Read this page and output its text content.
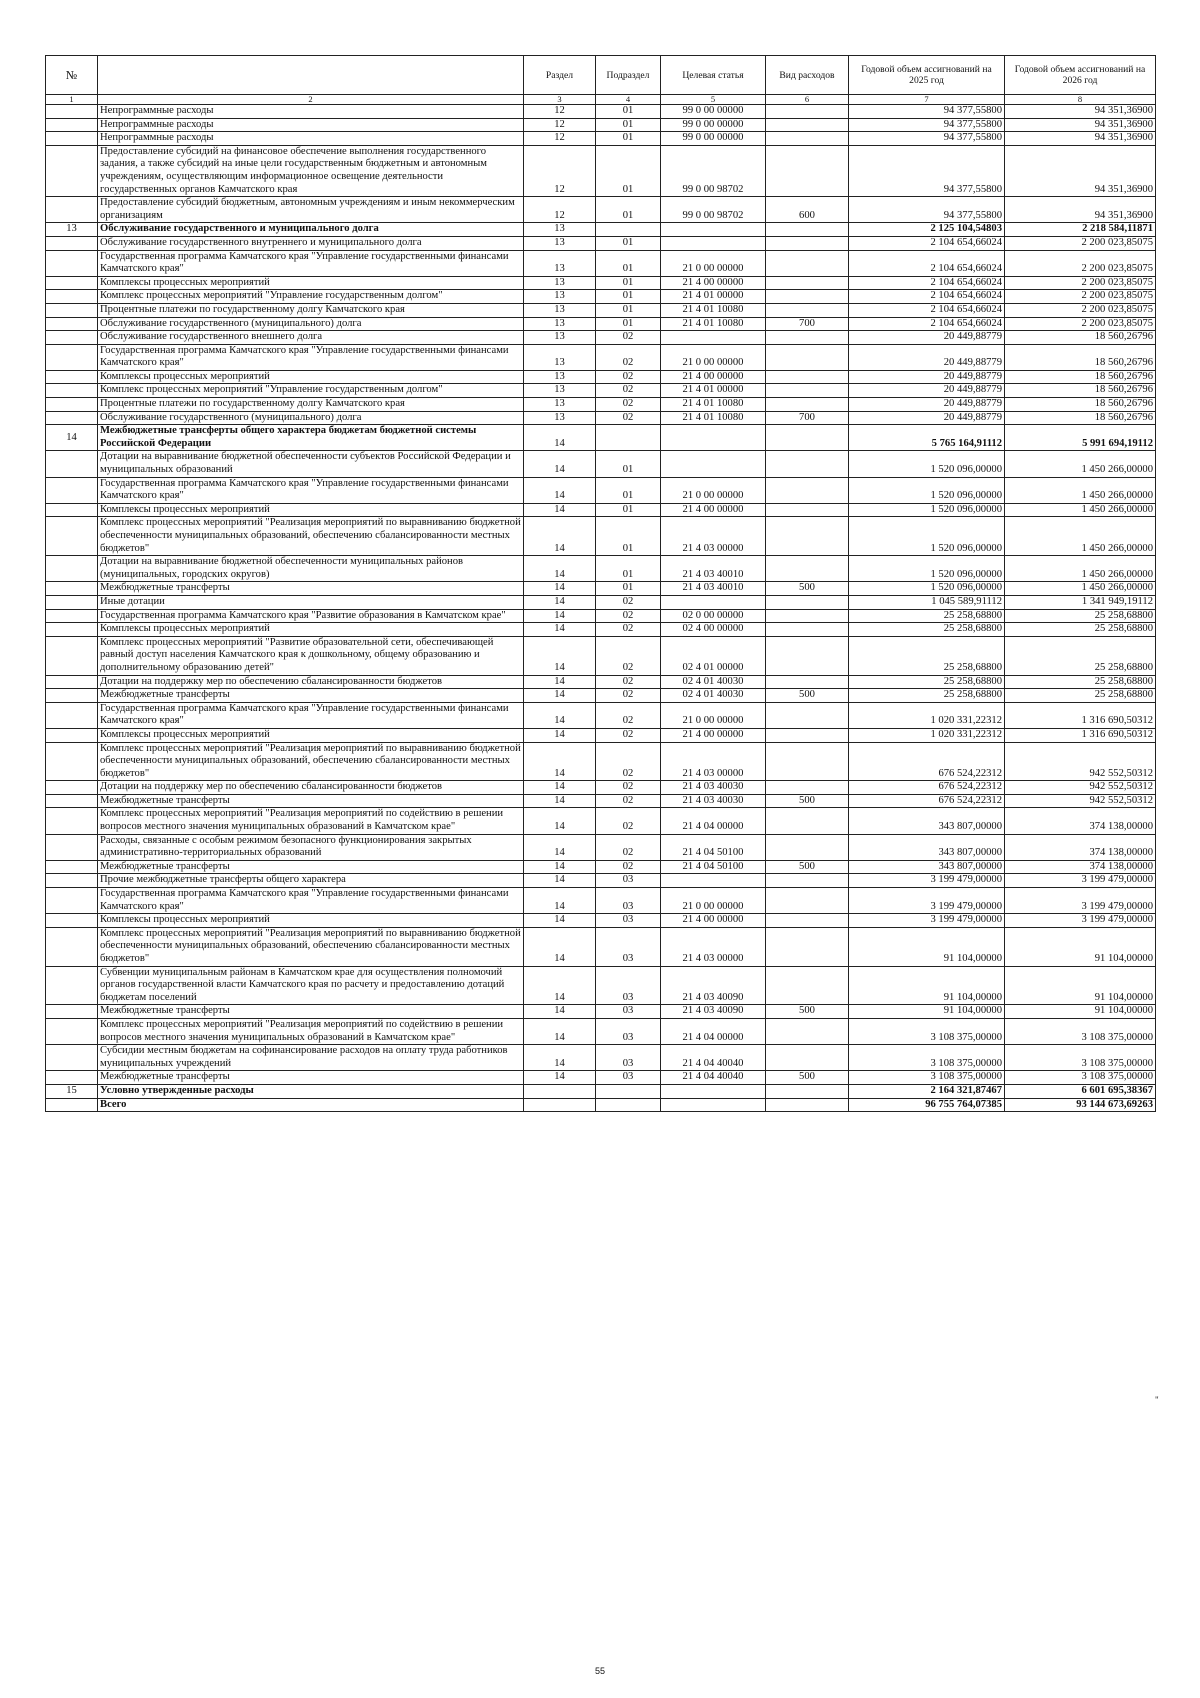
№		Раздел	Подраздел	Целевая статья	Вид расходов	Годовой объем ассигнований на 2025 год	Годовой объем ассигнований на 2026 год
1	2	3	4	5	6	7	8
	Непрограммные расходы	12	01	99 0 00 00000		94 377,55800	94 351,36900
	Непрограммные расходы	12	01	99 0 00 00000		94 377,55800	94 351,36900
	Непрограммные расходы	12	01	99 0 00 00000		94 377,55800	94 351,36900
	Предоставление субсидий на финансовое обеспечение выполнения государственного задания, а также субсидий на иные цели государственным бюджетным и автономным учреждениям, осуществляющим информационное освещение деятельности государственных органов Камчатского края	12	01	99 0 00 98702		94 377,55800	94 351,36900
	Предоставление субсидий бюджетным, автономным учреждениям и иным некоммерческим организациям	12	01	99 0 00 98702	600	94 377,55800	94 351,36900
13	Обслуживание государственного и муниципального долга	13				2 125 104,54803	2 218 584,11871
	Обслуживание государственного внутреннего и муниципального долга	13	01			2 104 654,66024	2 200 023,85075
	Государственная программа Камчатского края "Управление государственными финансами Камчатского края"	13	01	21 0 00 00000		2 104 654,66024	2 200 023,85075
	Комплексы процессных мероприятий	13	01	21 4 00 00000		2 104 654,66024	2 200 023,85075
	Комплекс процессных мероприятий "Управление государственным долгом"	13	01	21 4 01 00000		2 104 654,66024	2 200 023,85075
	Процентные платежи по государственному долгу Камчатского края	13	01	21 4 01 10080		2 104 654,66024	2 200 023,85075
	Обслуживание государственного (муниципального) долга	13	01	21 4 01 10080	700	2 104 654,66024	2 200 023,85075
	Обслуживание государственного внешнего долга	13	02			20 449,88779	18 560,26796
	Государственная программа Камчатского края "Управление государственными финансами Камчатского края"	13	02	21 0 00 00000		20 449,88779	18 560,26796
	Комплексы процессных мероприятий	13	02	21 4 00 00000		20 449,88779	18 560,26796
	Комплекс процессных мероприятий "Управление государственным долгом"	13	02	21 4 01 00000		20 449,88779	18 560,26796
	Процентные платежи по государственному долгу Камчатского края	13	02	21 4 01 10080		20 449,88779	18 560,26796
	Обслуживание государственного (муниципального) долга	13	02	21 4 01 10080	700	20 449,88779	18 560,26796
14	Межбюджетные трансферты общего характера бюджетам бюджетной системы Российской Федерации	14				5 765 164,91112	5 991 694,19112
	Дотации на выравнивание бюджетной обеспеченности субъектов Российской Федерации и муниципальных образований	14	01			1 520 096,00000	1 450 266,00000
	Государственная программа Камчатского края "Управление государственными финансами Камчатского края"	14	01	21 0 00 00000		1 520 096,00000	1 450 266,00000
	Комплексы процессных мероприятий	14	01	21 4 00 00000		1 520 096,00000	1 450 266,00000
	Комплекс процессных мероприятий "Реализация мероприятий по выравниванию бюджетной обеспеченности муниципальных образований, обеспечению сбалансированности местных бюджетов"	14	01	21 4 03 00000		1 520 096,00000	1 450 266,00000
	Дотации на выравнивание бюджетной обеспеченности муниципальных районов (муниципальных, городских округов)	14	01	21 4 03 40010		1 520 096,00000	1 450 266,00000
	Межбюджетные трансферты	14	01	21 4 03 40010	500	1 520 096,00000	1 450 266,00000
	Иные дотации	14	02			1 045 589,91112	1 341 949,19112
	Государственная программа Камчатского края "Развитие образования в Камчатском крае"	14	02	02 0 00 00000		25 258,68800	25 258,68800
	Комплексы процессных мероприятий	14	02	02 4 00 00000		25 258,68800	25 258,68800
	Комплекс процессных мероприятий "Развитие образовательной сети, обеспечивающей равный доступ населения Камчатского края к дошкольному, общему образованию и дополнительному образованию детей"	14	02	02 4 01 00000		25 258,68800	25 258,68800
	Дотации на поддержку мер по обеспечению сбалансированности бюджетов	14	02	02 4 01 40030		25 258,68800	25 258,68800
	Межбюджетные трансферты	14	02	02 4 01 40030	500	25 258,68800	25 258,68800
	Государственная программа Камчатского края "Управление государственными финансами Камчатского края"	14	02	21 0 00 00000		1 020 331,22312	1 316 690,50312
	Комплексы процессных мероприятий	14	02	21 4 00 00000		1 020 331,22312	1 316 690,50312
	Комплекс процессных мероприятий "Реализация мероприятий по выравниванию бюджетной обеспеченности муниципальных образований, обеспечению сбалансированности местных бюджетов"	14	02	21 4 03 00000		676 524,22312	942 552,50312
	Дотации на поддержку мер по обеспечению сбалансированности бюджетов	14	02	21 4 03 40030		676 524,22312	942 552,50312
	Межбюджетные трансферты	14	02	21 4 03 40030	500	676 524,22312	942 552,50312
	Комплекс процессных мероприятий "Реализация мероприятий по содействию в решении вопросов местного значения муниципальных образований в Камчатском крае"	14	02	21 4 04 00000		343 807,00000	374 138,00000
	Расходы, связанные с особым режимом безопасного функционирования закрытых административно-территориальных образований	14	02	21 4 04 50100		343 807,00000	374 138,00000
	Межбюджетные трансферты	14	02	21 4 04 50100	500	343 807,00000	374 138,00000
	Прочие межбюджетные трансферты общего характера	14	03			3 199 479,00000	3 199 479,00000
	Государственная программа Камчатского края "Управление государственными финансами Камчатского края"	14	03	21 0 00 00000		3 199 479,00000	3 199 479,00000
	Комплексы процессных мероприятий	14	03	21 4 00 00000		3 199 479,00000	3 199 479,00000
	Комплекс процессных мероприятий "Реализация мероприятий по выравниванию бюджетной обеспеченности муниципальных образований, обеспечению сбалансированности местных бюджетов"	14	03	21 4 03 00000		91 104,00000	91 104,00000
	Субвенции муниципальным районам в Камчатском крае для осуществления полномочий органов государственной власти Камчатского края по расчету и предоставлению дотаций бюджетам поселений	14	03	21 4 03 40090		91 104,00000	91 104,00000
	Межбюджетные трансферты	14	03	21 4 03 40090	500	91 104,00000	91 104,00000
	Комплекс процессных мероприятий "Реализация мероприятий по содействию в решении вопросов местного значения муниципальных образований в Камчатском крае"	14	03	21 4 04 00000		3 108 375,00000	3 108 375,00000
	Субсидии местным бюджетам на софинансирование расходов на оплату труда работников муниципальных учреждений	14	03	21 4 04 40040		3 108 375,00000	3 108 375,00000
	Межбюджетные трансферты	14	03	21 4 04 40040	500	3 108 375,00000	3 108 375,00000
15	Условно утвержденные расходы					2 164 321,87467	6 601 695,38367
	Всего					96 755 764,07385	93 144 673,69263
"
55
